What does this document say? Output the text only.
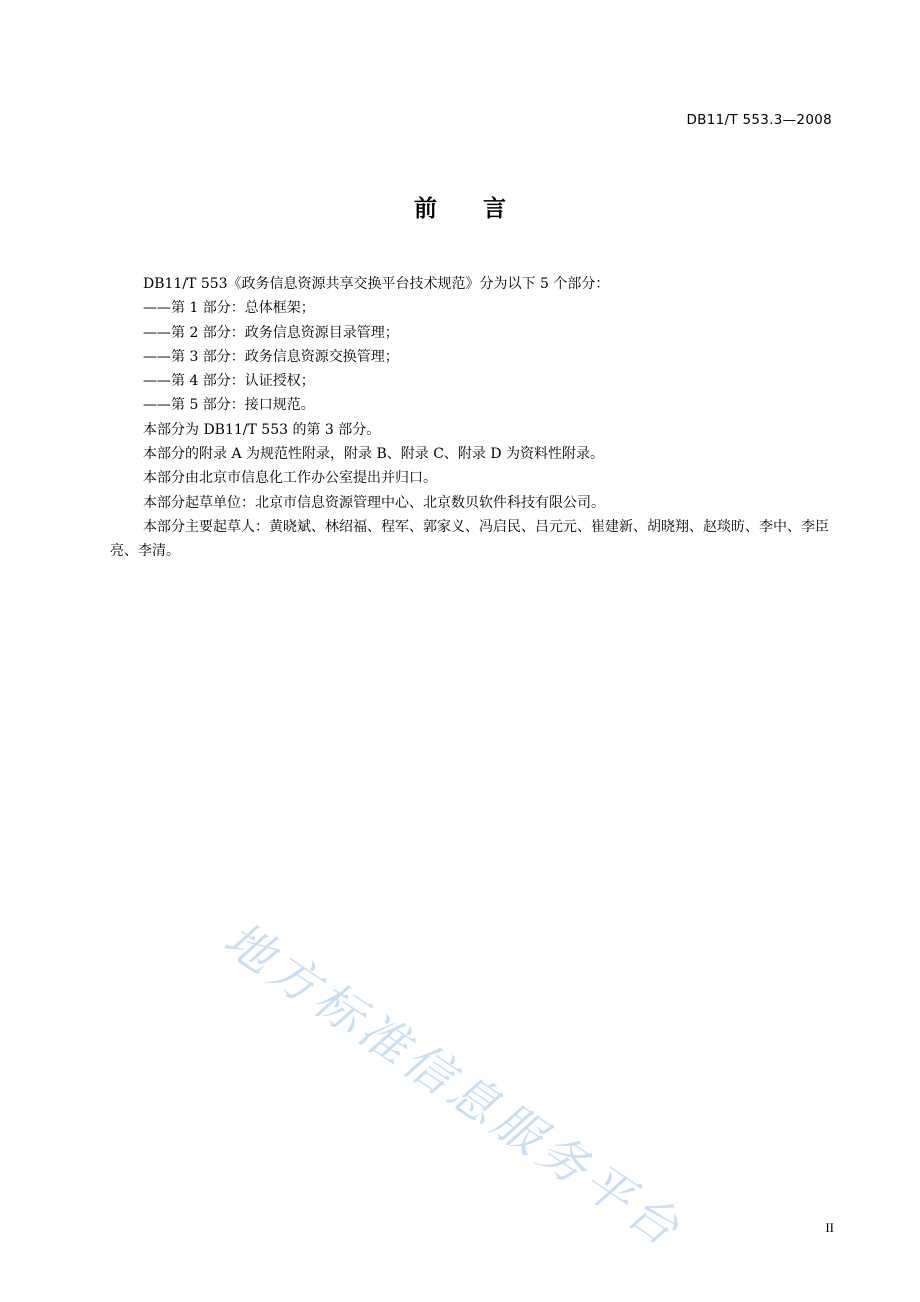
DB11/T 553.3—2008
前 言

DB11/T 553《政务信息资源共享交换平台技术规范》分为以下 5 个部分：

——第 1 部分：总体框架；

——第 2 部分：政务信息资源目录管理；

——第 3 部分：政务信息资源交换管理；

——第 4 部分：认证授权；

——第 5 部分：接口规范。

本部分为 DB11/T 553 的第 3 部分。

本部分的附录 A 为规范性附录，附录 B、附录 C、附录 D 为资料性附录。

本部分由北京市信息化工作办公室提出并归口。

本部分起草单位：北京市信息资源管理中心、北京数贝软件科技有限公司。

本部分主要起草人：黄晓斌、林绍福、程军、郭家义、冯启民、吕元元、崔建新、胡晓翔、赵琰昉、李中、李臣亮、李清。

地方标准信息服务平台	II
